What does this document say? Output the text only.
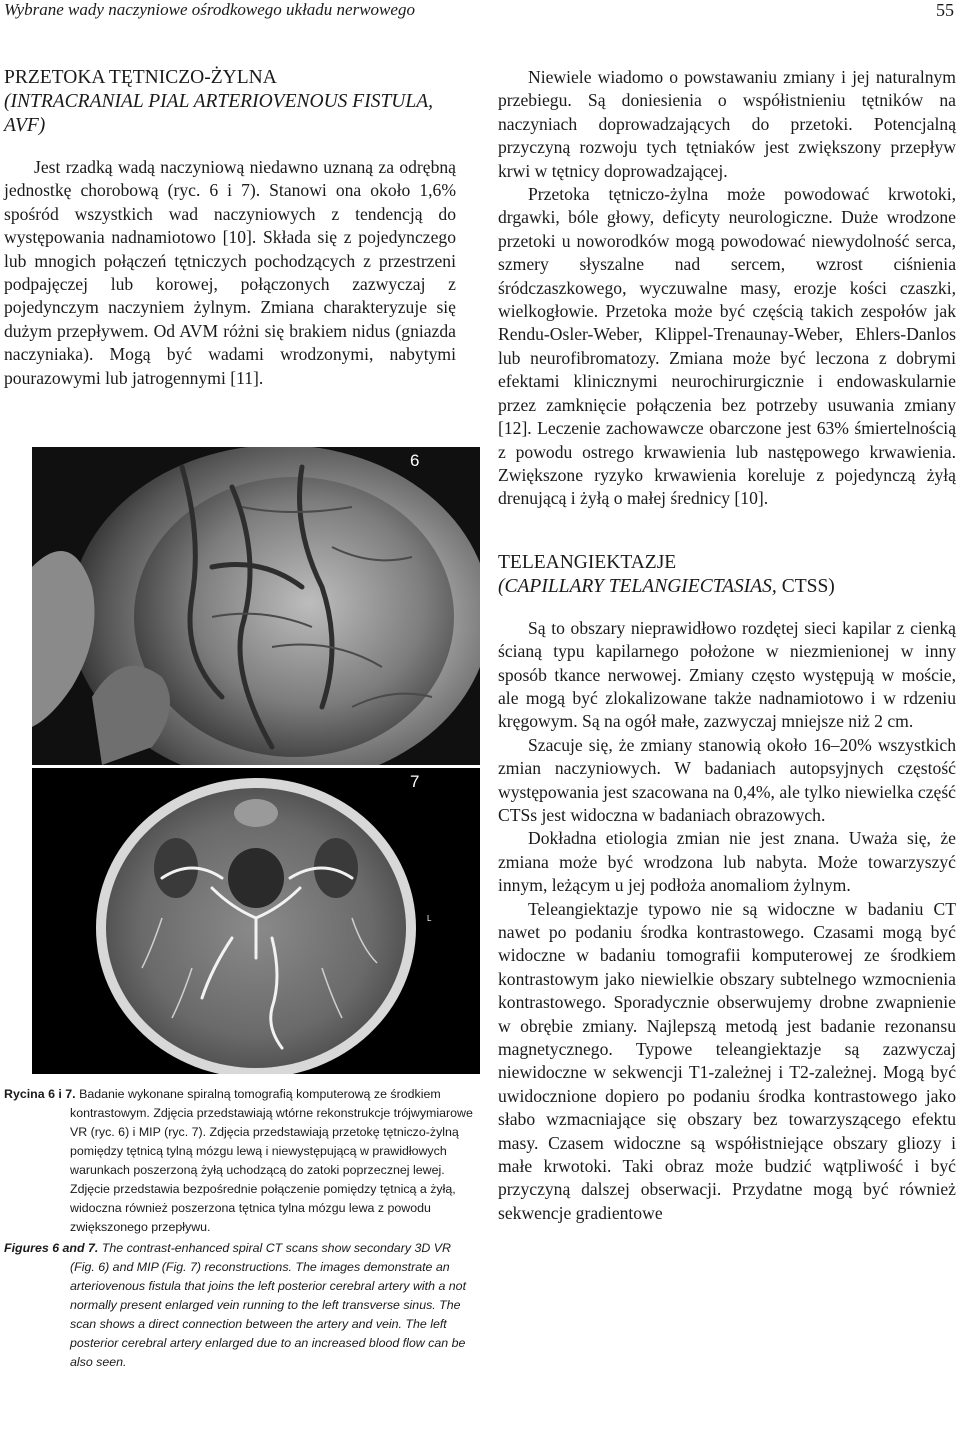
Wybrane wady naczyniowe ośrodkowego układu nerwowego	55
PRZETOKA TĘTNICZO-ŻYLNA
(INTRACRANIAL PIAL ARTERIOVENOUS FISTULA, AVF)

Jest rzadką wadą naczyniową niedawno uznaną za odrębną jednostkę chorobową (ryc. 6 i 7). Stanowi ona około 1,6% spośród wszystkich wad naczyniowych z tendencją do występowania nadnamiotowo [10]. Składa się z pojedynczego lub mnogich połączeń tętniczych pochodzących z przestrzeni podpajęczej lub korowej, połączonych zazwyczaj z pojedynczym naczyniem żylnym. Zmiana charakteryzuje się dużym przepływem. Od AVM różni się brakiem nidus (gniazda naczyniaka). Mogą być wadami wrodzonymi, nabytymi pourazowymi lub jatrogennymi [11].

6
7
L
Rycina 6 i 7. Badanie wykonane spiralną tomografią komputerową ze środkiem kontrastowym. Zdjęcia przedstawiają wtórne rekonstrukcje trójwymiarowe VR (ryc. 6) i MIP (ryc. 7). Zdjęcia przedstawiają przetokę tętniczo-żylną pomiędzy tętnicą tylną mózgu lewą i niewystępującą w prawidłowych warunkach poszerzoną żyłą uchodzącą do zatoki poprzecznej lewej. Zdjęcie przedstawia bezpośrednie połączenie pomiędzy tętnicą a żyłą, widoczna również poszerzona tętnica tylna mózgu lewa z powodu zwiększonego przepływu.
Figures 6 and 7. The contrast-enhanced spiral CT scans show secondary 3D VR (Fig. 6) and MIP (Fig. 7) reconstructions. The images demonstrate an arteriovenous fistula that joins the left posterior cerebral artery with a not normally present enlarged vein running to the left transverse sinus. The scan shows a direct connection between the artery and vein. The left posterior cerebral artery enlarged due to an increased blood flow can be also seen.

Niewiele wiadomo o powstawaniu zmiany i jej naturalnym przebiegu. Są doniesienia o współistnieniu tętników na naczyniach doprowadzających do przetoki. Potencjalną przyczyną rozwoju tych tętniaków jest zwiększony przepływ krwi w tętnicy doprowadzającej.

Przetoka tętniczo-żylna może powodować krwotoki, drgawki, bóle głowy, deficyty neurologiczne. Duże wrodzone przetoki u noworodków mogą powodować niewydolność serca, szmery słyszalne nad sercem, wzrost ciśnienia śródczaszkowego, wyczuwalne masy, erozje kości czaszki, wielkogłowie. Przetoka może być częścią takich zespołów jak Rendu-Osler-Weber, Klippel-Trenaunay-Weber, Ehlers-Danlos lub neurofibromatozy. Zmiana może być leczona z dobrymi efektami klinicznymi neurochirurgicznie i endowaskularnie przez zamknięcie połączenia bez potrzeby usuwania zmiany [12]. Leczenie zachowawcze obarczone jest 63% śmiertelnością z powodu ostrego krwawienia lub następowego krwawienia. Zwiększone ryzyko krwawienia koreluje z pojedynczą żyłą drenującą i żyłą o małej średnicy [10].

TELEANGIEKTAZJE
(CAPILLARY TELANGIECTASIAS, CTSS)

Są to obszary nieprawidłowo rozdętej sieci kapilar z cienką ścianą typu kapilarnego położone w niezmienionej w inny sposób tkance nerwowej. Zmiany często występują w moście, ale mogą być zlokalizowane także nadnamiotowo i w rdzeniu kręgowym. Są na ogół małe, zazwyczaj mniejsze niż 2 cm.

Szacuje się, że zmiany stanowią około 16–20% wszystkich zmian naczyniowych. W badaniach autopsyjnych częstość występowania jest szacowana na 0,4%, ale tylko niewielka część CTSs jest widoczna w badaniach obrazowych.

Dokładna etiologia zmian nie jest znana. Uważa się, że zmiana może być wrodzona lub nabyta. Może towarzyszyć innym, leżącym u jej podłoża anomaliom żylnym.

Teleangiektazje typowo nie są widoczne w badaniu CT nawet po podaniu środka kontrastowego. Czasami mogą być widoczne w badaniu tomografii komputerowej ze środkiem kontrastowym jako niewielkie obszary subtelnego wzmocnienia kontrastowego. Sporadycznie obserwujemy drobne zwapnienie w obrębie zmiany. Najlepszą metodą jest badanie rezonansu magnetycznego. Typowe teleangiektazje są zazwyczaj niewidoczne w sekwencji T1-zależnej i T2-zależnej. Mogą być uwidocznione dopiero po podaniu środka kontrastowego jako słabo wzmacniające się obszary bez towarzyszącego efektu masy. Czasem widoczne są współistniejące obszary gliozy i małe krwotoki. Taki obraz może budzić wątpliwość i być przyczyną dalszej obserwacji. Przydatne mogą być również sekwencje gradientowe
